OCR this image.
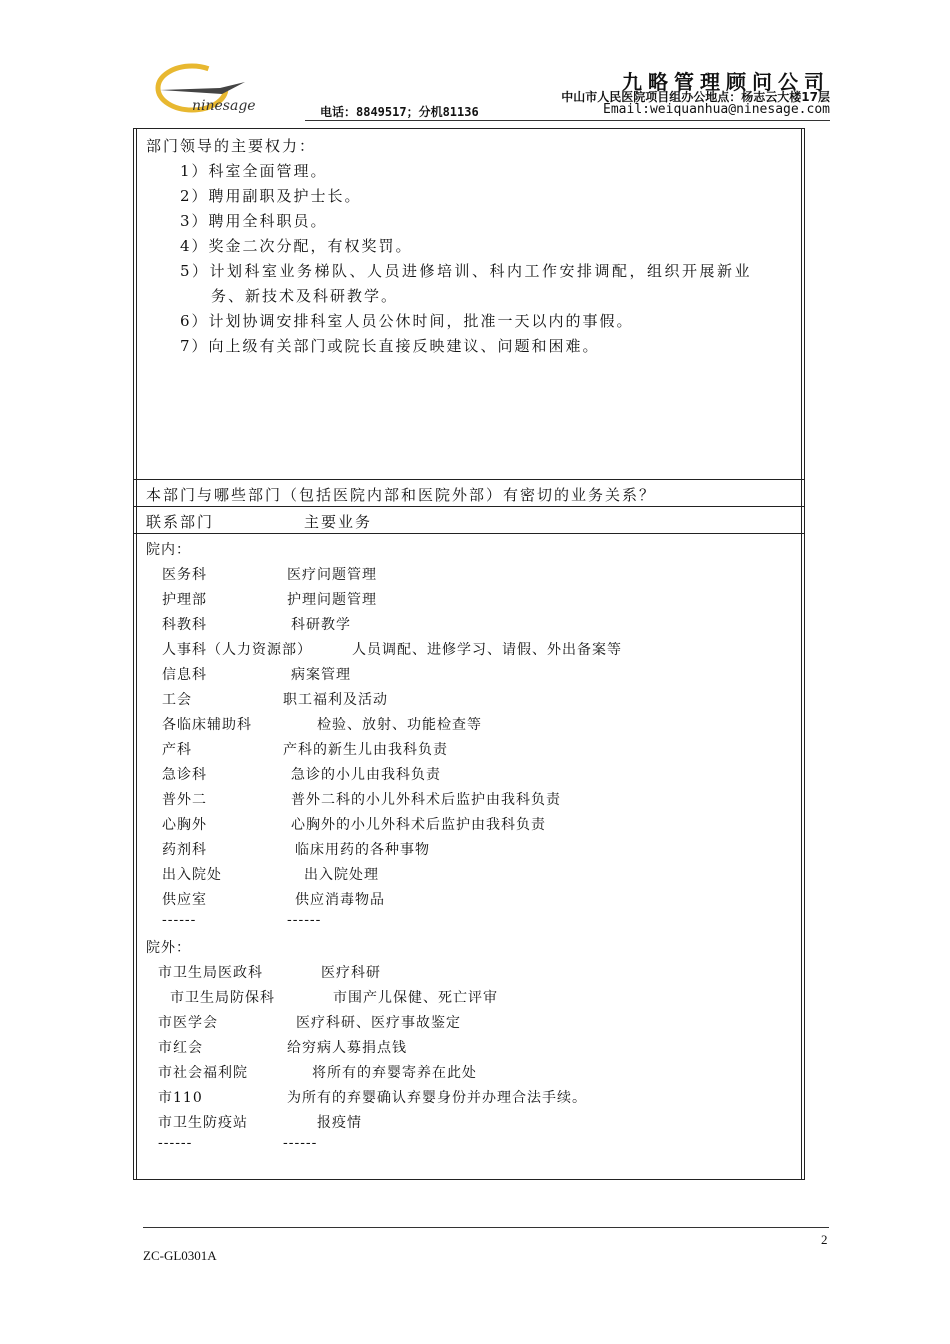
ninesage
九略管理顾问公司
中山市人民医院项目组办公地点：杨志云大楼17层
电话：8849517；分机81136	Email:weiquanhua@ninesage.com
部门领导的主要权力：
1）科室全面管理。
2）聘用副职及护士长。
3）聘用全科职员。
4）奖金二次分配，有权奖罚。
5）计划科室业务梯队、人员进修培训、科内工作安排调配，组织开展新业
务、新技术及科研教学。
6）计划协调安排科室人员公休时间，批准一天以内的事假。
7）向上级有关部门或院长直接反映建议、问题和困难。
本部门与哪些部门（包括医院内部和医院外部）有密切的业务关系？
联系部门	主要业务
院内：
医务科	医疗问题管理
护理部	护理问题管理
科教科	科研教学
人事科（人力资源部）	人员调配、进修学习、请假、外出备案等
信息科	病案管理
工会	职工福利及活动
各临床辅助科	检验、放射、功能检查等
产科	产科的新生儿由我科负责
急诊科	急诊的小儿由我科负责
普外二	普外二科的小儿外科术后监护由我科负责
心胸外	心胸外的小儿外科术后监护由我科负责
药剂科	临床用药的各种事物
出入院处	出入院处理
供应室	供应消毒物品
------	------
院外：
市卫生局医政科	医疗科研
市卫生局防保科	市围产儿保健、死亡评审
市医学会	医疗科研、医疗事故鉴定
市红会	给穷病人募捐点钱
市社会福利院	将所有的弃婴寄养在此处
市110	为所有的弃婴确认弃婴身份并办理合法手续。
市卫生防疫站	报疫情
------	------
2
ZC-GL0301A
